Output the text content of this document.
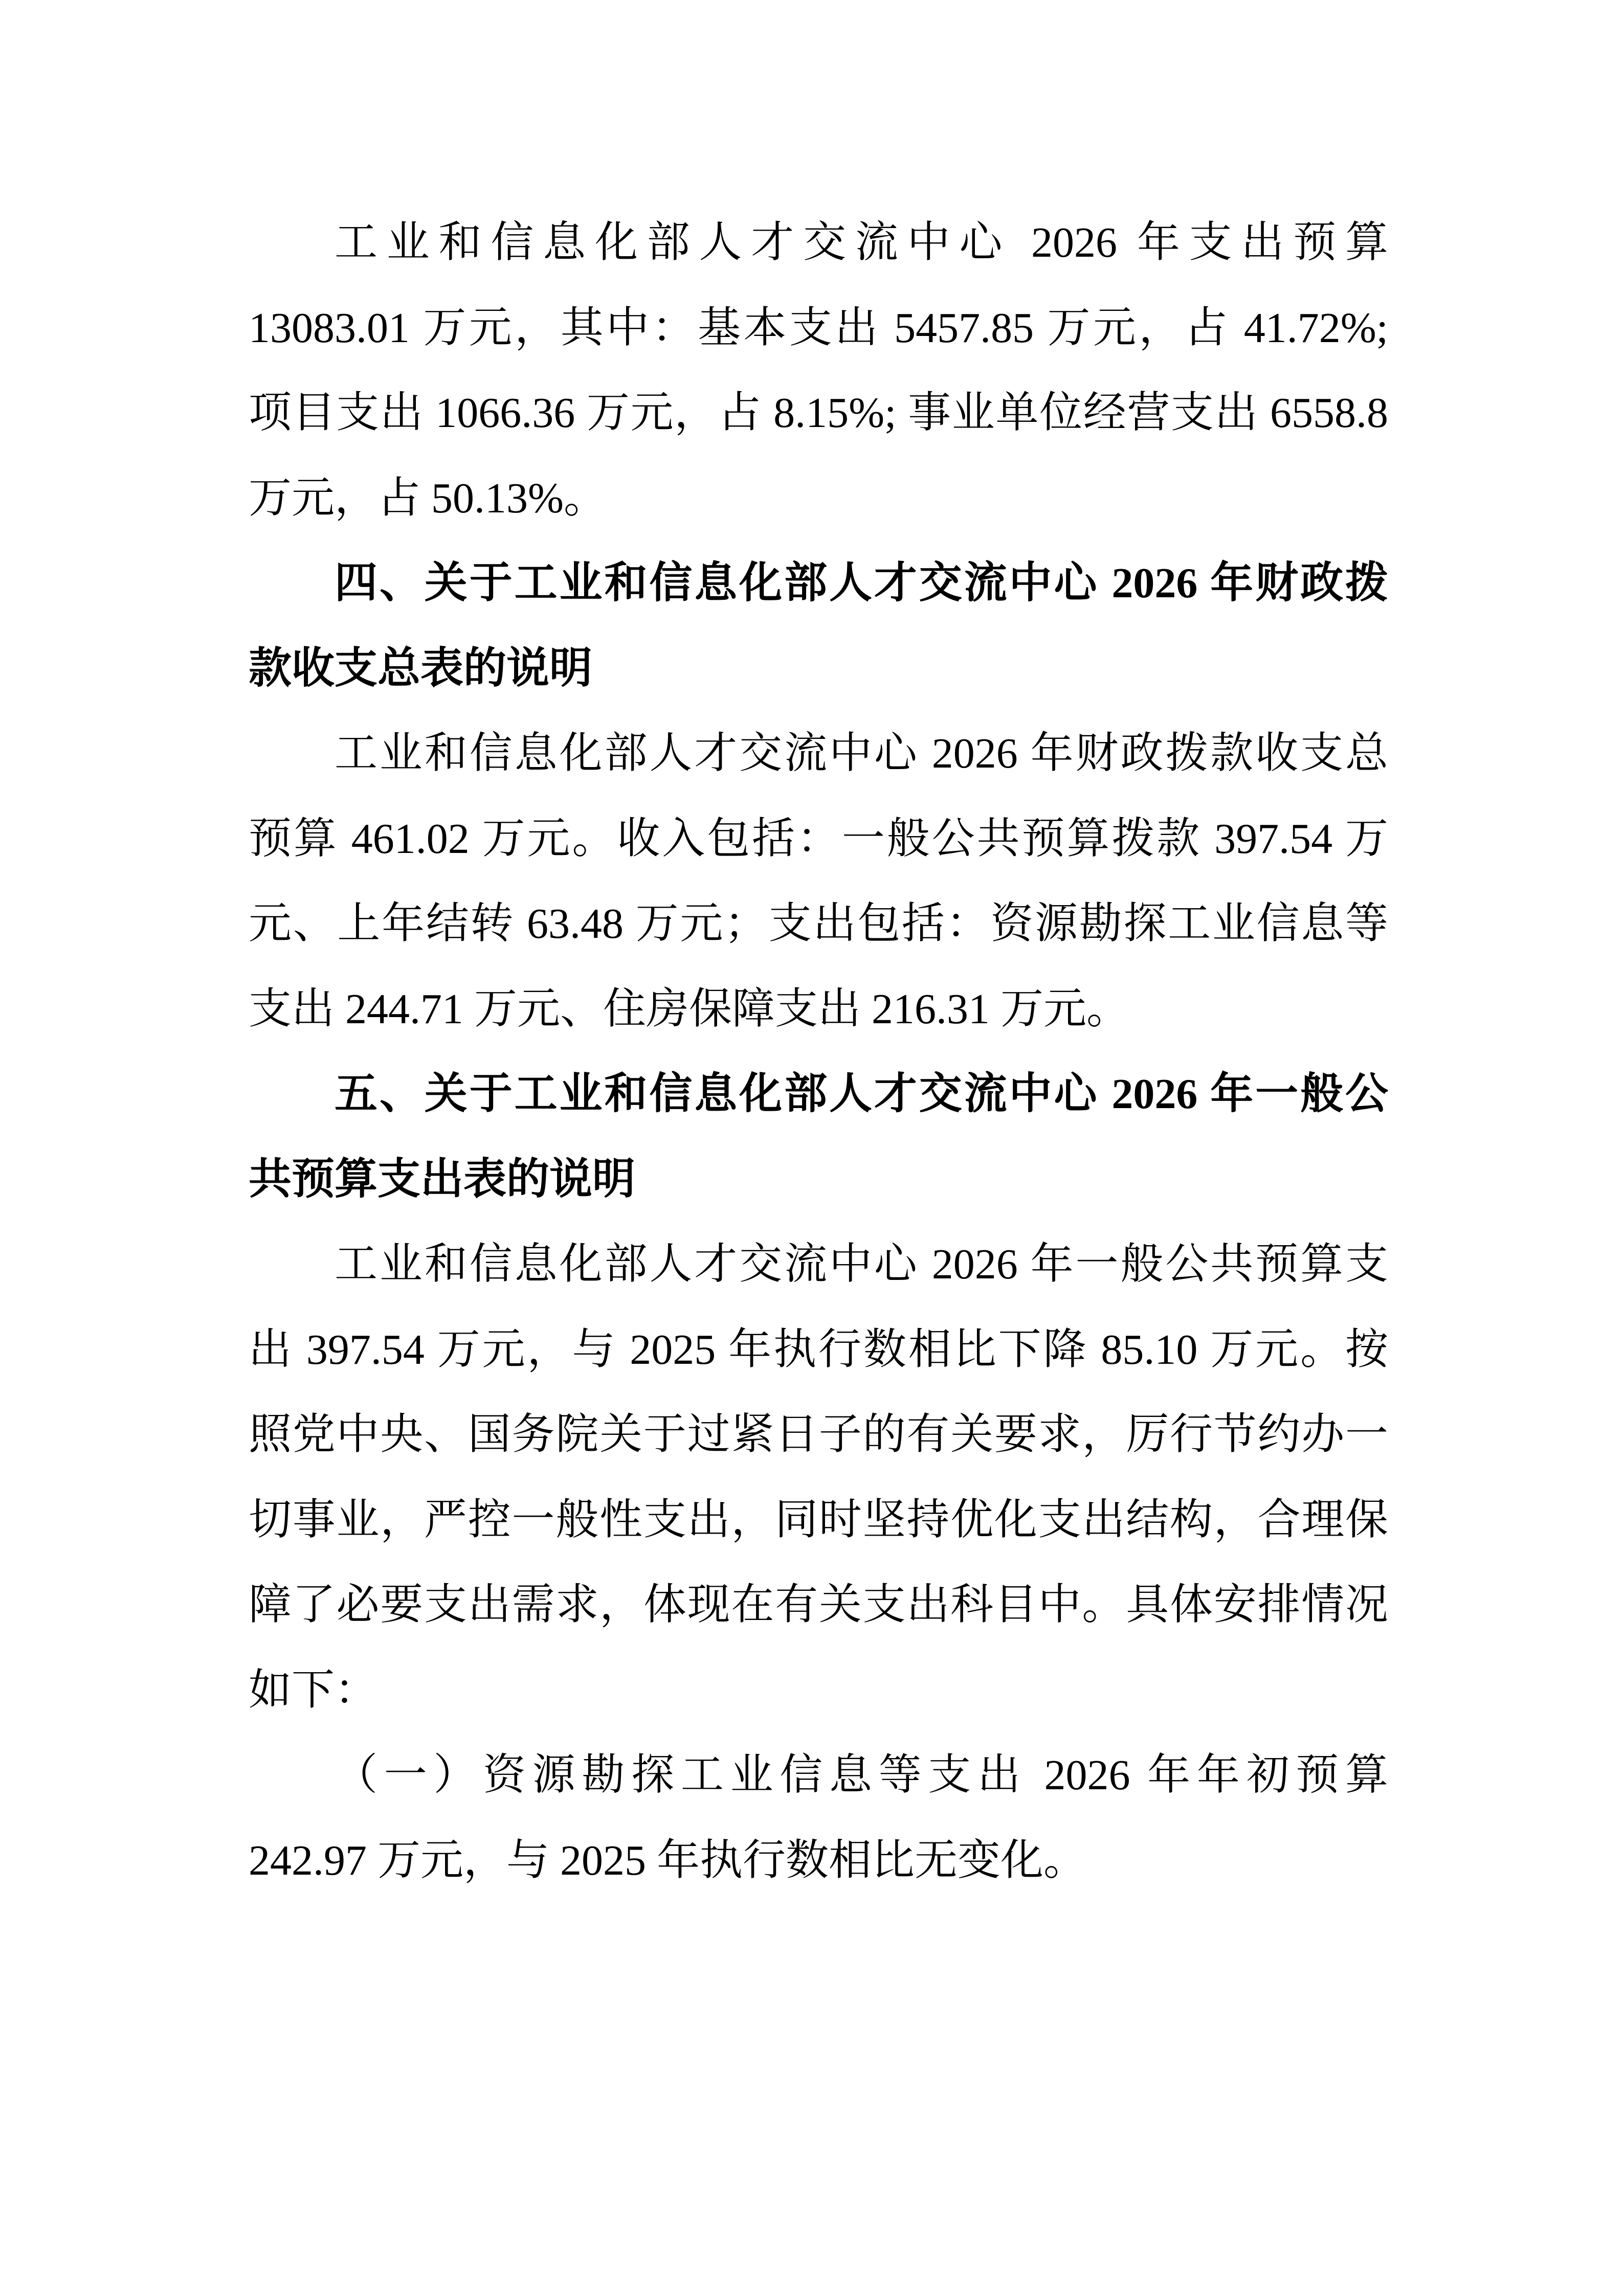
工业和信息化部人才交流中心 2026 年支出预算

13083.01 万元，其中：基本支出 5457.85 万元，占 41.72%;

项目支出 1066.36 万元，占 8.15%; 事业单位经营支出 6558.8

万元，占 50.13%。

四、关于工业和信息化部人才交流中心 2026 年财政拨

款收支总表的说明

工业和信息化部人才交流中心 2026 年财政拨款收支总

预算 461.02 万元。收入包括：一般公共预算拨款 397.54 万

元、上年结转 63.48 万元；支出包括：资源勘探工业信息等

支出 244.71 万元、住房保障支出 216.31 万元。

五、关于工业和信息化部人才交流中心 2026 年一般公

共预算支出表的说明

工业和信息化部人才交流中心 2026 年一般公共预算支

出 397.54 万元，与 2025 年执行数相比下降 85.10 万元。按

照党中央、国务院关于过紧日子的有关要求，厉行节约办一

切事业，严控一般性支出，同时坚持优化支出结构，合理保

障了必要支出需求，体现在有关支出科目中。具体安排情况

如下：

（一）资源勘探工业信息等支出 2026 年年初预算

242.97 万元，与 2025 年执行数相比无变化。
